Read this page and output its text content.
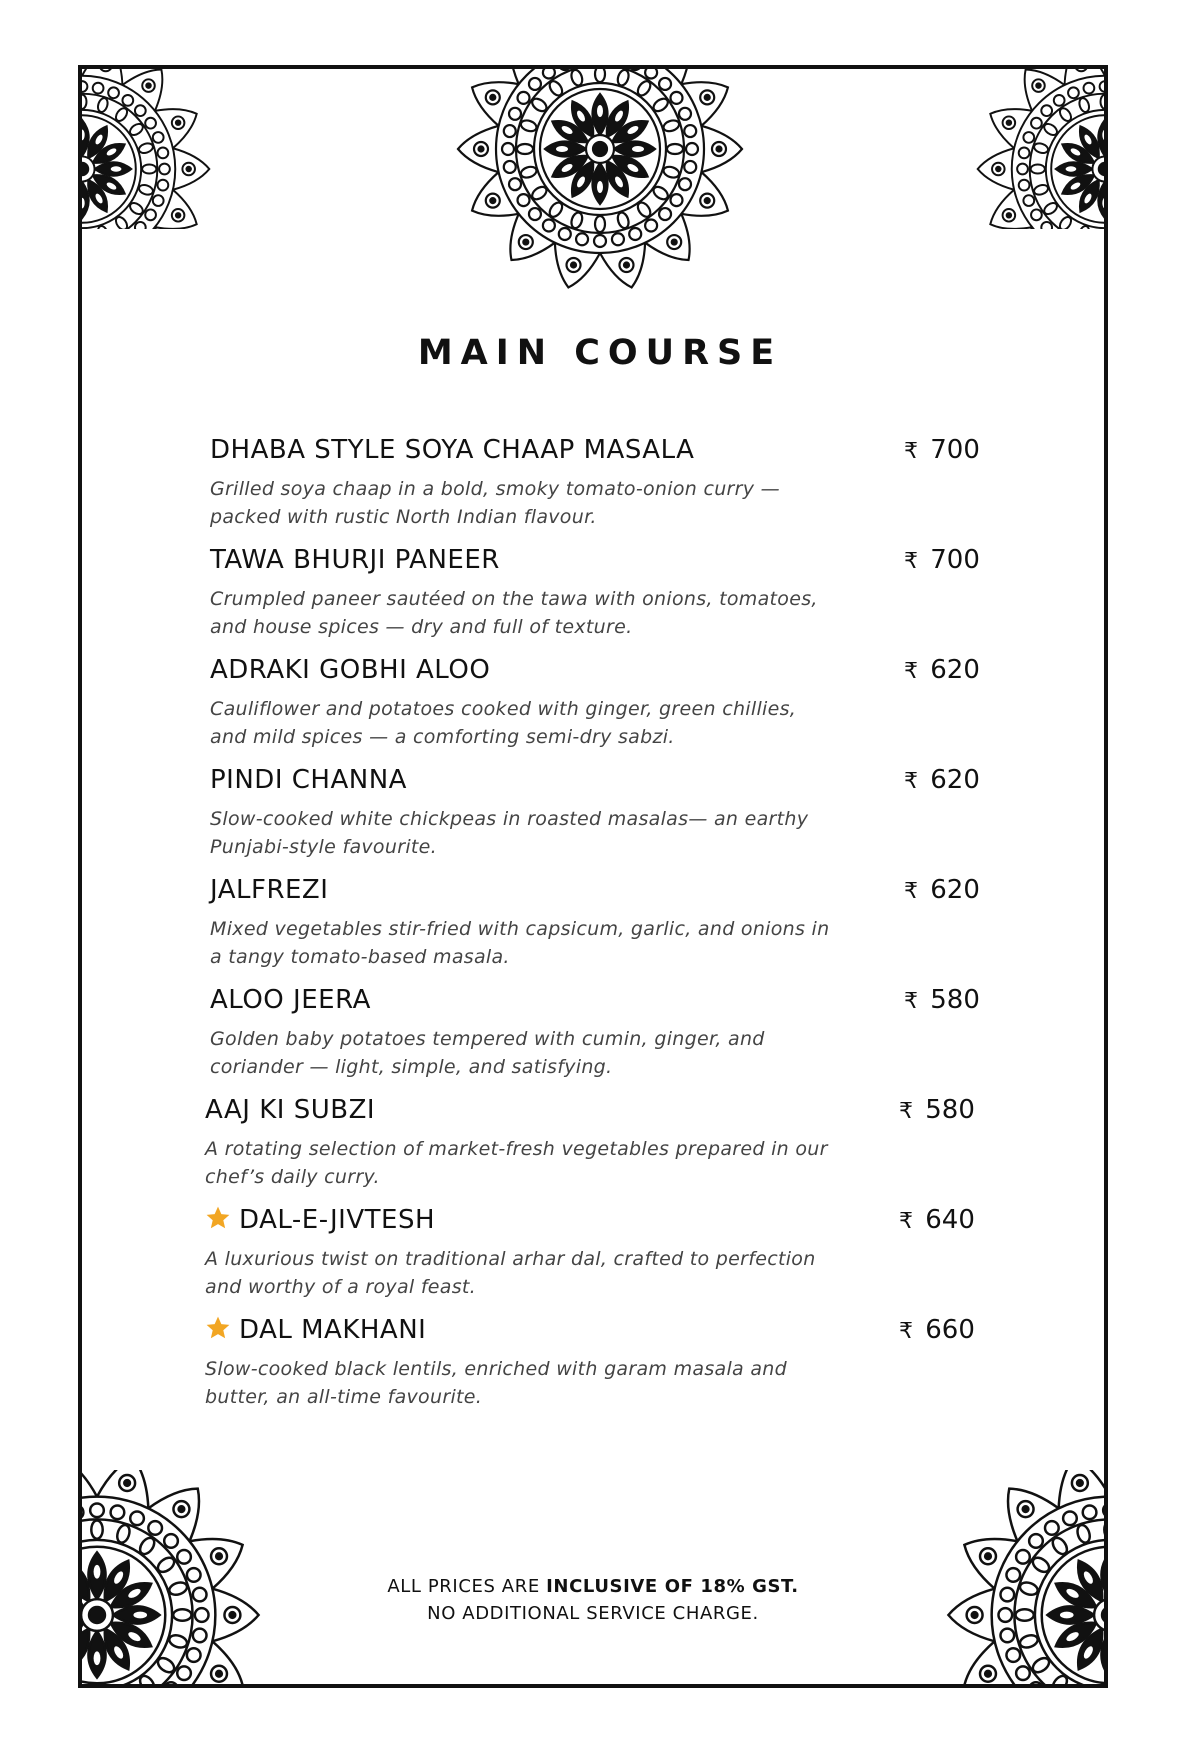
MAIN COURSE
DHABA STYLE SOYA CHAAP MASALA	₹ 700
Grilled soya chaap in a bold, smoky tomato-onion curry —
packed with rustic North Indian flavour.
TAWA BHURJI PANEER	₹ 700
Crumpled paneer sautéed on the tawa with onions, tomatoes,
and house spices — dry and full of texture.
ADRAKI GOBHI ALOO	₹ 620
Cauliflower and potatoes cooked with ginger, green chillies,
and mild spices — a comforting semi-dry sabzi.
PINDI CHANNA	₹ 620
Slow-cooked white chickpeas in roasted masalas— an earthy
Punjabi-style favourite.
JALFREZI	₹ 620
Mixed vegetables stir-fried with capsicum, garlic, and onions in
a tangy tomato-based masala.
ALOO JEERA	₹ 580
Golden baby potatoes tempered with cumin, ginger, and
coriander — light, simple, and satisfying.
AAJ KI SUBZI	₹ 580
A rotating selection of market-fresh vegetables prepared in our
chef’s daily curry.
DAL-E-JIVTESH	₹ 640
A luxurious twist on traditional arhar dal, crafted to perfection
and worthy of a royal feast.
DAL MAKHANI	₹ 660
Slow-cooked black lentils, enriched with garam masala and
butter, an all-time favourite.
ALL PRICES ARE INCLUSIVE OF 18% GST.
NO ADDITIONAL SERVICE CHARGE.
